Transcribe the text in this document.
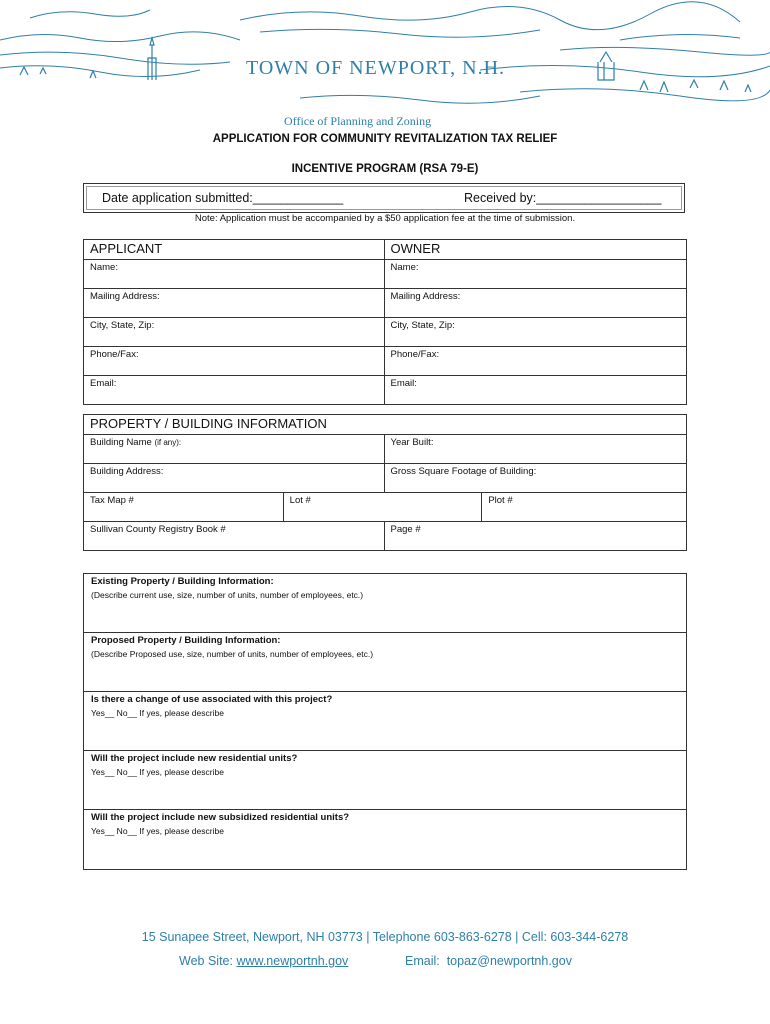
TOWN OF NEWPORT, N.H.
Office of Planning and Zoning
APPLICATION FOR COMMUNITY REVITALIZATION TAX RELIEF
INCENTIVE PROGRAM (RSA 79-E)
Date application submitted:_____________	Received by:__________________
Note: Application must be accompanied by a $50 application fee at the time of submission.
APPLICANT	OWNER
Name:	Name:
Mailing Address:	Mailing Address:
City, State, Zip:	City, State, Zip:
Phone/Fax:	Phone/Fax:
Email:	Email:
PROPERTY / BUILDING INFORMATION			
Building Name (if any):		Year Built:	
Building Address:		Gross Square Footage of Building:	
Tax Map #	Lot #		Plot #
Sullivan County Registry Book #		Page #	
Existing Property / Building Information:
(Describe current use, size, number of units, number of employees, etc.)
Proposed Property / Building Information:
(Describe Proposed use, size, number of units, number of employees, etc.)
Is there a change of use associated with this project?
Yes__ No__ If yes, please describe
Will the project include new residential units?
Yes__ No__ If yes, please describe
Will the project include new subsidized residential units?
Yes__ No__ If yes, please describe
15 Sunapee Street, Newport, NH 03773 | Telephone 603-863-6278 | Cell: 603-344-6278
Web Site: www.newportnh.gov	Email: topaz@newportnh.gov
